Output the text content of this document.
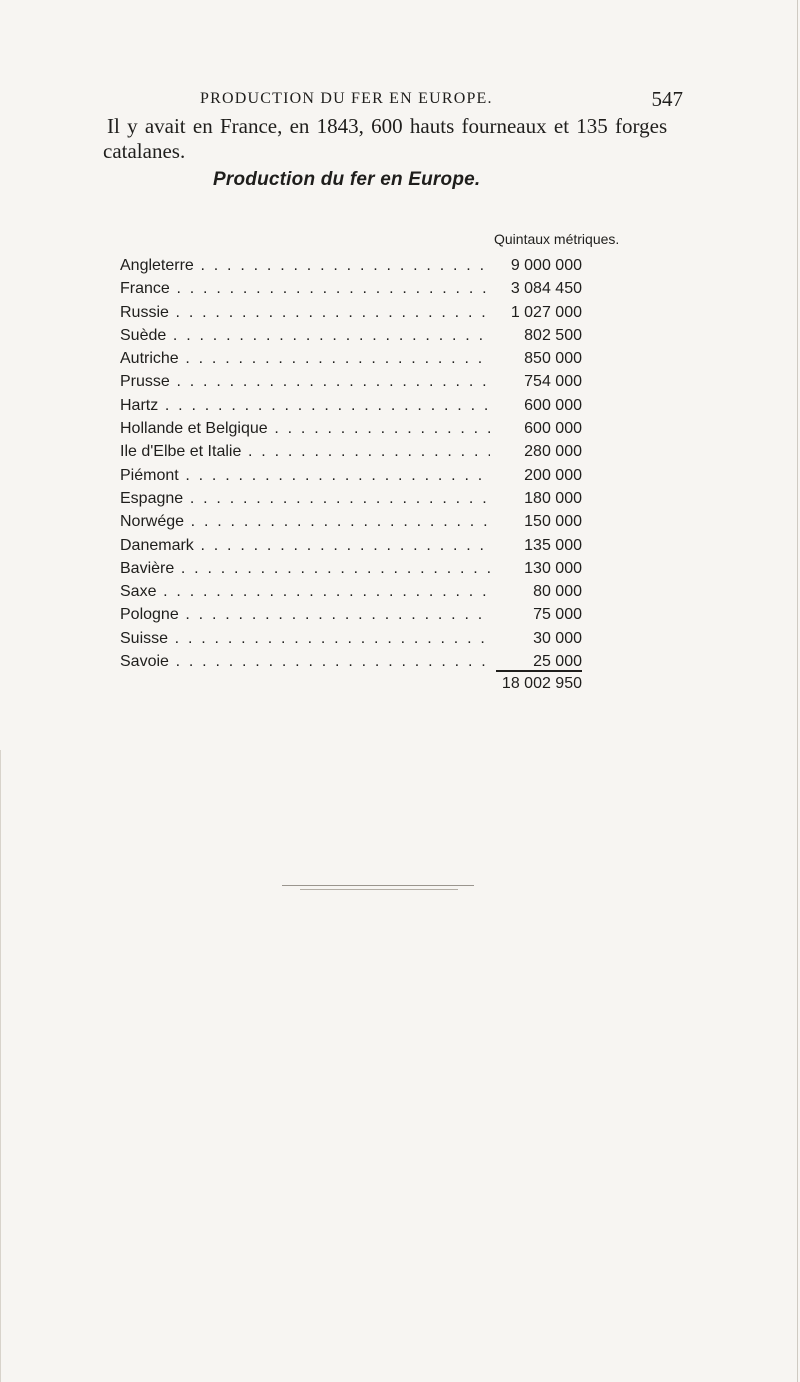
PRODUCTION DU FER EN EUROPE.	547
Il y avait en France, en 1843, 600 hauts fourneaux et 135 forges
catalanes.
Production du fer en Europe.
Quintaux métriques.
Angleterre . . .	9 000 000
France . . .	3 084 450
Russie . . .	1 027 000
Suède . . .	802 500
Autriche . . .	850 000
Prusse . . .	754 000
Hartz . . .	600 000
Hollande et Belgique . . .	600 000
Ile d'Elbe et Italie . . .	280 000
Piémont . . .	200 000
Espagne . . .	180 000
Norwége . . .	150 000
Danemark . . .	135 000
Bavière . . .	130 000
Saxe . . .	80 000
Pologne . . .	75 000
Suisse . . .	30 000
Savoie . . .	25 000
18 002 950
